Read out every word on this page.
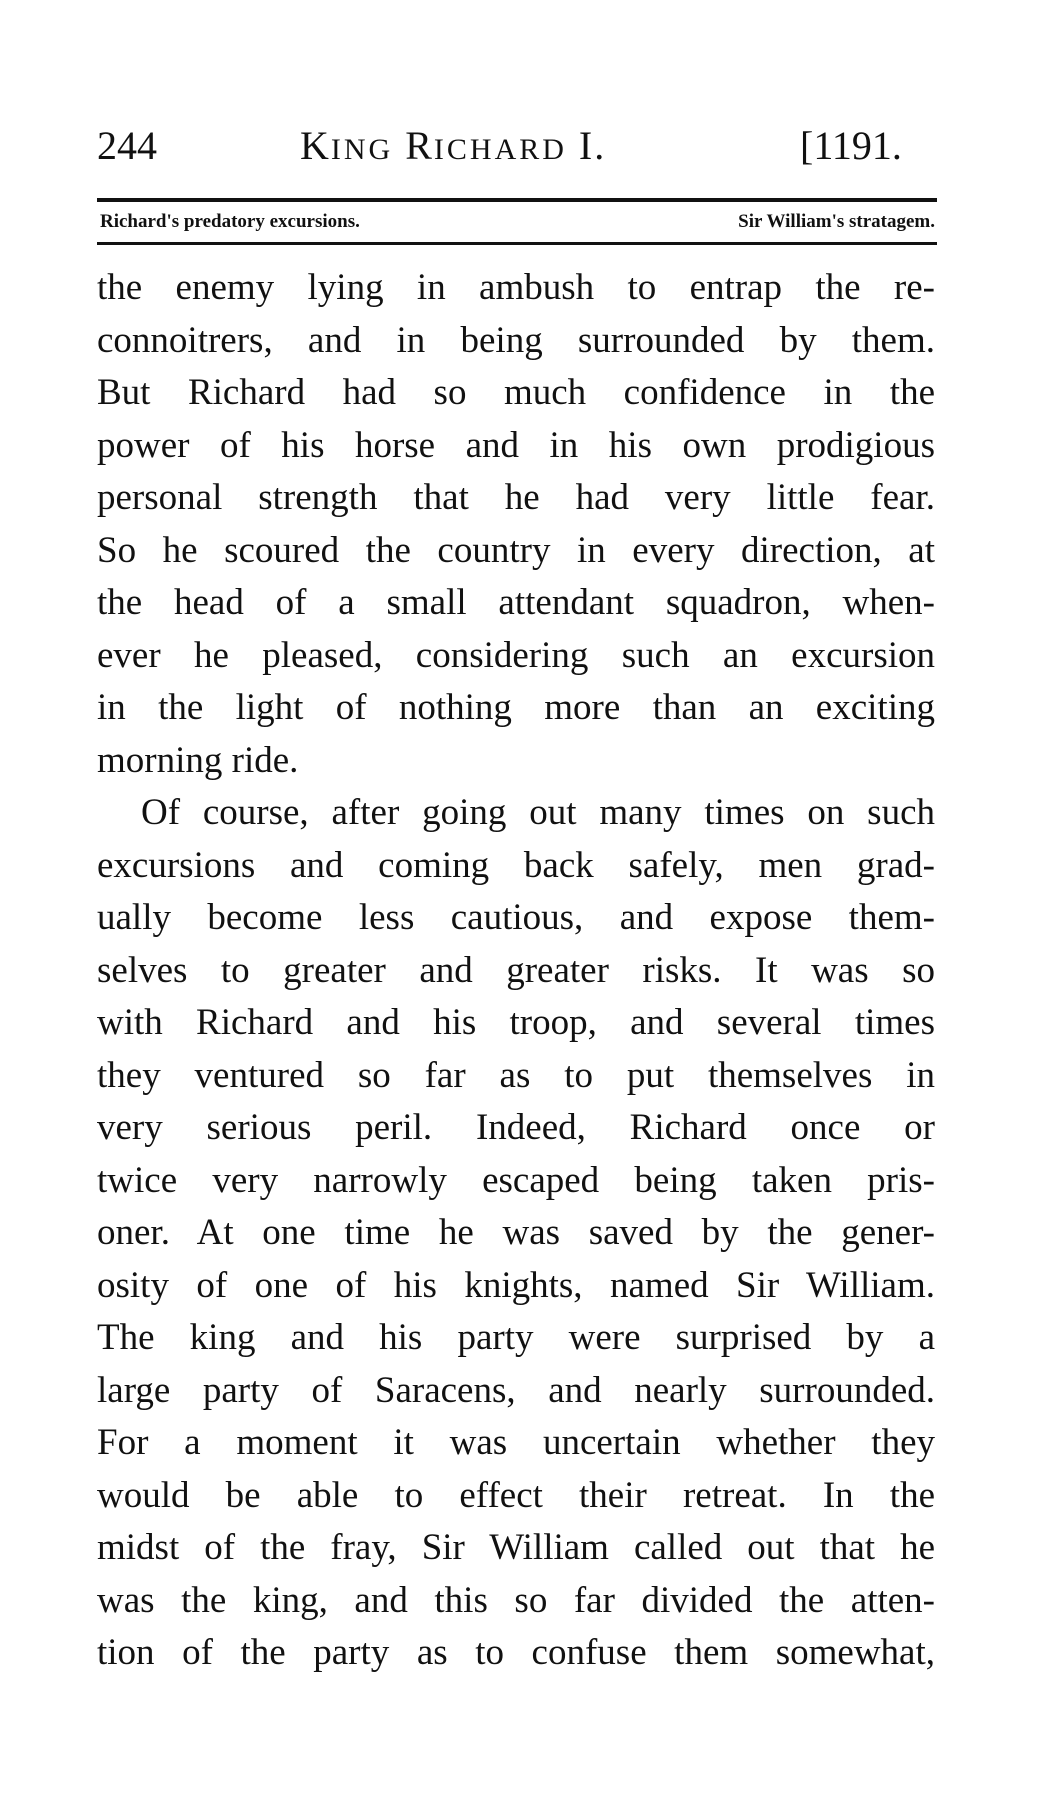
244	KING RICHARD I.	[1191.
Richard's predatory excursions.	Sir William's stratagem.
the enemy lying in ambush to entrap the re-
connoitrers, and in being surrounded by them.
But Richard had so much confidence in the
power of his horse and in his own prodigious
personal strength that he had very little fear.
So he scoured the country in every direction, at
the head of a small attendant squadron, when-
ever he pleased, considering such an excursion
in the light of nothing more than an exciting
morning ride.
Of course, after going out many times on such
excursions and coming back safely, men grad-
ually become less cautious, and expose them-
selves to greater and greater risks. It was so
with Richard and his troop, and several times
they ventured so far as to put themselves in
very serious peril. Indeed, Richard once or
twice very narrowly escaped being taken pris-
oner. At one time he was saved by the gener-
osity of one of his knights, named Sir William.
The king and his party were surprised by a
large party of Saracens, and nearly surrounded.
For a moment it was uncertain whether they
would be able to effect their retreat. In the
midst of the fray, Sir William called out that he
was the king, and this so far divided the atten-
tion of the party as to confuse them somewhat,
